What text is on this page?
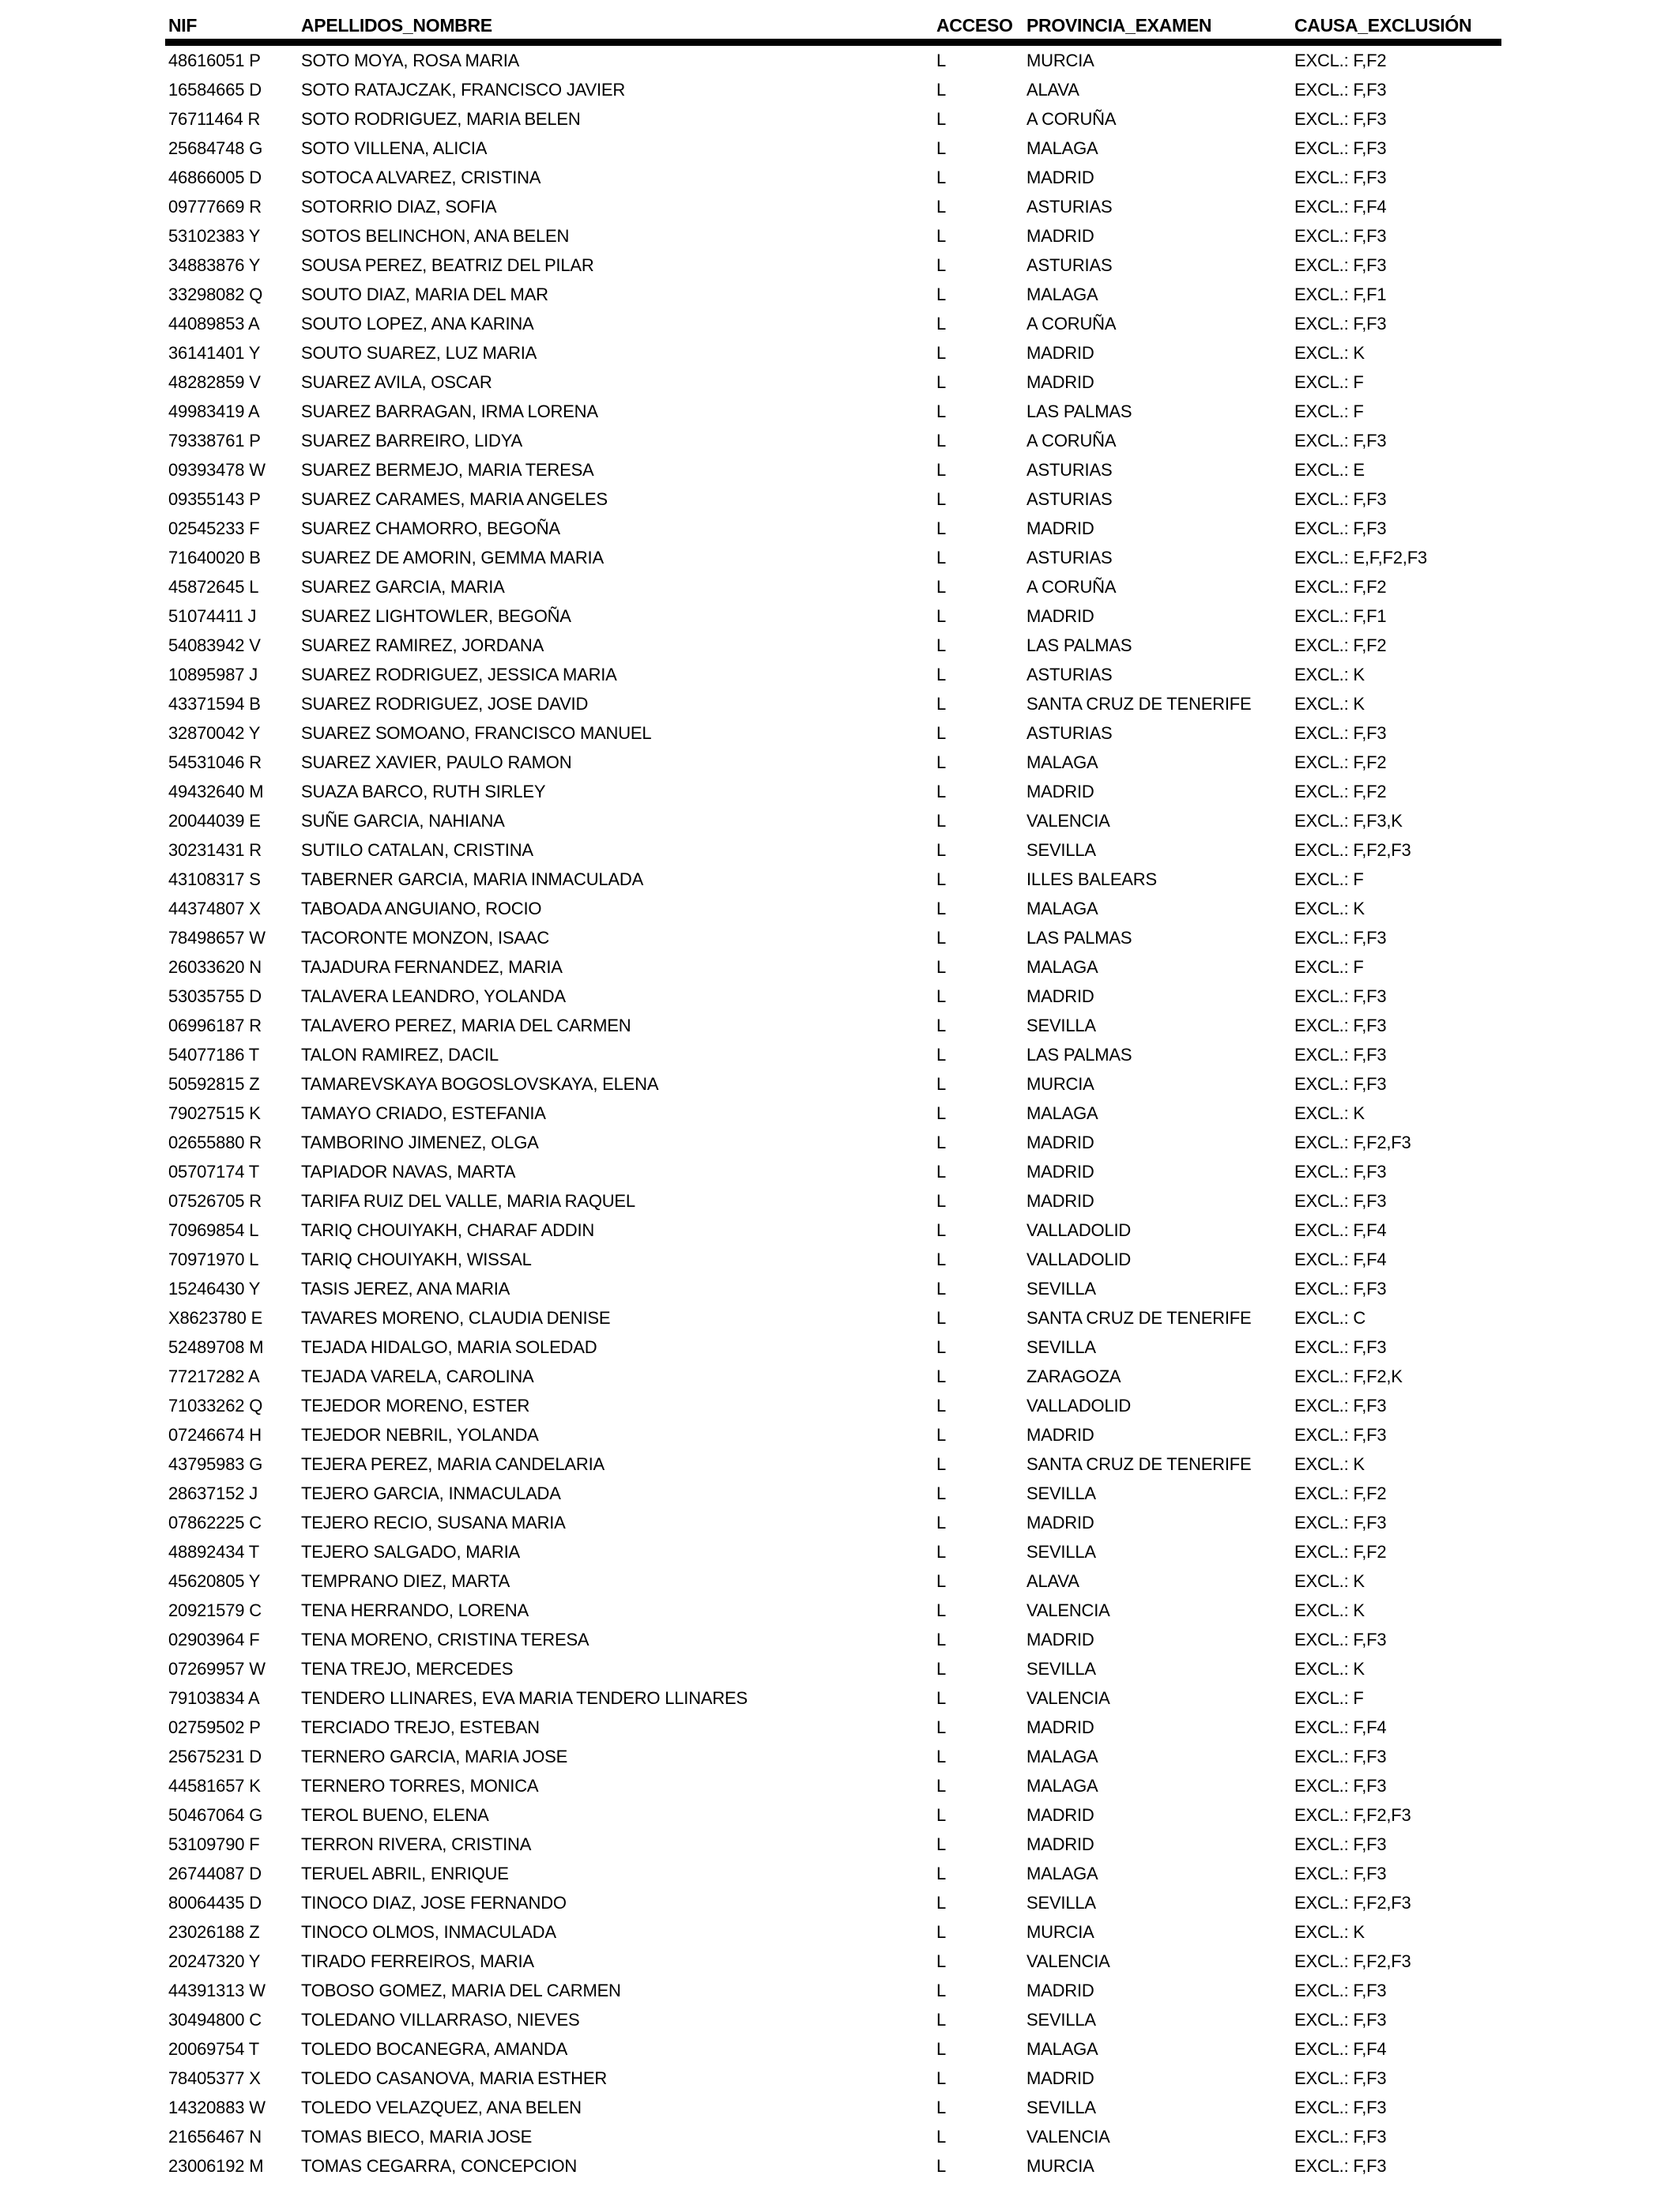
NIF	APELLIDOS_NOMBRE	ACCESO	PROVINCIA_EXAMEN	CAUSA_EXCLUSIÓN
48616051 P	SOTO MOYA, ROSA MARIA	L	MURCIA	EXCL.: F,F2
16584665 D	SOTO RATAJCZAK, FRANCISCO JAVIER	L	ALAVA	EXCL.: F,F3
76711464 R	SOTO RODRIGUEZ, MARIA BELEN	L	A CORUÑA	EXCL.: F,F3
25684748 G	SOTO VILLENA, ALICIA	L	MALAGA	EXCL.: F,F3
46866005 D	SOTOCA ALVAREZ, CRISTINA	L	MADRID	EXCL.: F,F3
09777669 R	SOTORRIO DIAZ, SOFIA	L	ASTURIAS	EXCL.: F,F4
53102383 Y	SOTOS BELINCHON, ANA BELEN	L	MADRID	EXCL.: F,F3
34883876 Y	SOUSA PEREZ, BEATRIZ DEL PILAR	L	ASTURIAS	EXCL.: F,F3
33298082 Q	SOUTO DIAZ, MARIA DEL MAR	L	MALAGA	EXCL.: F,F1
44089853 A	SOUTO LOPEZ, ANA KARINA	L	A CORUÑA	EXCL.: F,F3
36141401 Y	SOUTO SUAREZ, LUZ MARIA	L	MADRID	EXCL.: K
48282859 V	SUAREZ AVILA, OSCAR	L	MADRID	EXCL.: F
49983419 A	SUAREZ BARRAGAN, IRMA LORENA	L	LAS PALMAS	EXCL.: F
79338761 P	SUAREZ BARREIRO, LIDYA	L	A CORUÑA	EXCL.: F,F3
09393478 W	SUAREZ BERMEJO, MARIA TERESA	L	ASTURIAS	EXCL.: E
09355143 P	SUAREZ CARAMES, MARIA ANGELES	L	ASTURIAS	EXCL.: F,F3
02545233 F	SUAREZ CHAMORRO, BEGOÑA	L	MADRID	EXCL.: F,F3
71640020 B	SUAREZ DE AMORIN, GEMMA MARIA	L	ASTURIAS	EXCL.: E,F,F2,F3
45872645 L	SUAREZ GARCIA, MARIA	L	A CORUÑA	EXCL.: F,F2
51074411 J	SUAREZ LIGHTOWLER, BEGOÑA	L	MADRID	EXCL.: F,F1
54083942 V	SUAREZ RAMIREZ, JORDANA	L	LAS PALMAS	EXCL.: F,F2
10895987 J	SUAREZ RODRIGUEZ, JESSICA MARIA	L	ASTURIAS	EXCL.: K
43371594 B	SUAREZ RODRIGUEZ, JOSE DAVID	L	SANTA CRUZ DE TENERIFE	EXCL.: K
32870042 Y	SUAREZ SOMOANO, FRANCISCO MANUEL	L	ASTURIAS	EXCL.: F,F3
54531046 R	SUAREZ XAVIER, PAULO RAMON	L	MALAGA	EXCL.: F,F2
49432640 M	SUAZA BARCO, RUTH SIRLEY	L	MADRID	EXCL.: F,F2
20044039 E	SUÑE GARCIA, NAHIANA	L	VALENCIA	EXCL.: F,F3,K
30231431 R	SUTILO CATALAN, CRISTINA	L	SEVILLA	EXCL.: F,F2,F3
43108317 S	TABERNER GARCIA, MARIA INMACULADA	L	ILLES BALEARS	EXCL.: F
44374807 X	TABOADA ANGUIANO, ROCIO	L	MALAGA	EXCL.: K
78498657 W	TACORONTE MONZON, ISAAC	L	LAS PALMAS	EXCL.: F,F3
26033620 N	TAJADURA FERNANDEZ, MARIA	L	MALAGA	EXCL.: F
53035755 D	TALAVERA LEANDRO, YOLANDA	L	MADRID	EXCL.: F,F3
06996187 R	TALAVERO PEREZ, MARIA DEL CARMEN	L	SEVILLA	EXCL.: F,F3
54077186 T	TALON RAMIREZ, DACIL	L	LAS PALMAS	EXCL.: F,F3
50592815 Z	TAMAREVSKAYA BOGOSLOVSKAYA, ELENA	L	MURCIA	EXCL.: F,F3
79027515 K	TAMAYO CRIADO, ESTEFANIA	L	MALAGA	EXCL.: K
02655880 R	TAMBORINO JIMENEZ, OLGA	L	MADRID	EXCL.: F,F2,F3
05707174 T	TAPIADOR NAVAS, MARTA	L	MADRID	EXCL.: F,F3
07526705 R	TARIFA RUIZ DEL VALLE, MARIA RAQUEL	L	MADRID	EXCL.: F,F3
70969854 L	TARIQ CHOUIYAKH, CHARAF ADDIN	L	VALLADOLID	EXCL.: F,F4
70971970 L	TARIQ CHOUIYAKH, WISSAL	L	VALLADOLID	EXCL.: F,F4
15246430 Y	TASIS JEREZ, ANA MARIA	L	SEVILLA	EXCL.: F,F3
X8623780 E	TAVARES MORENO, CLAUDIA DENISE	L	SANTA CRUZ DE TENERIFE	EXCL.: C
52489708 M	TEJADA HIDALGO, MARIA SOLEDAD	L	SEVILLA	EXCL.: F,F3
77217282 A	TEJADA VARELA, CAROLINA	L	ZARAGOZA	EXCL.: F,F2,K
71033262 Q	TEJEDOR MORENO, ESTER	L	VALLADOLID	EXCL.: F,F3
07246674 H	TEJEDOR NEBRIL, YOLANDA	L	MADRID	EXCL.: F,F3
43795983 G	TEJERA PEREZ, MARIA CANDELARIA	L	SANTA CRUZ DE TENERIFE	EXCL.: K
28637152 J	TEJERO GARCIA, INMACULADA	L	SEVILLA	EXCL.: F,F2
07862225 C	TEJERO RECIO, SUSANA MARIA	L	MADRID	EXCL.: F,F3
48892434 T	TEJERO SALGADO, MARIA	L	SEVILLA	EXCL.: F,F2
45620805 Y	TEMPRANO DIEZ, MARTA	L	ALAVA	EXCL.: K
20921579 C	TENA HERRANDO, LORENA	L	VALENCIA	EXCL.: K
02903964 F	TENA MORENO, CRISTINA TERESA	L	MADRID	EXCL.: F,F3
07269957 W	TENA TREJO, MERCEDES	L	SEVILLA	EXCL.: K
79103834 A	TENDERO LLINARES, EVA MARIA TENDERO LLINARES	L	VALENCIA	EXCL.: F
02759502 P	TERCIADO TREJO, ESTEBAN	L	MADRID	EXCL.: F,F4
25675231 D	TERNERO GARCIA, MARIA JOSE	L	MALAGA	EXCL.: F,F3
44581657 K	TERNERO TORRES, MONICA	L	MALAGA	EXCL.: F,F3
50467064 G	TEROL BUENO, ELENA	L	MADRID	EXCL.: F,F2,F3
53109790 F	TERRON RIVERA, CRISTINA	L	MADRID	EXCL.: F,F3
26744087 D	TERUEL ABRIL, ENRIQUE	L	MALAGA	EXCL.: F,F3
80064435 D	TINOCO DIAZ, JOSE FERNANDO	L	SEVILLA	EXCL.: F,F2,F3
23026188 Z	TINOCO OLMOS, INMACULADA	L	MURCIA	EXCL.: K
20247320 Y	TIRADO FERREIROS, MARIA	L	VALENCIA	EXCL.: F,F2,F3
44391313 W	TOBOSO GOMEZ, MARIA DEL CARMEN	L	MADRID	EXCL.: F,F3
30494800 C	TOLEDANO VILLARRASO, NIEVES	L	SEVILLA	EXCL.: F,F3
20069754 T	TOLEDO BOCANEGRA, AMANDA	L	MALAGA	EXCL.: F,F4
78405377 X	TOLEDO CASANOVA, MARIA ESTHER	L	MADRID	EXCL.: F,F3
14320883 W	TOLEDO VELAZQUEZ, ANA BELEN	L	SEVILLA	EXCL.: F,F3
21656467 N	TOMAS BIECO, MARIA JOSE	L	VALENCIA	EXCL.: F,F3
23006192 M	TOMAS CEGARRA, CONCEPCION	L	MURCIA	EXCL.: F,F3
